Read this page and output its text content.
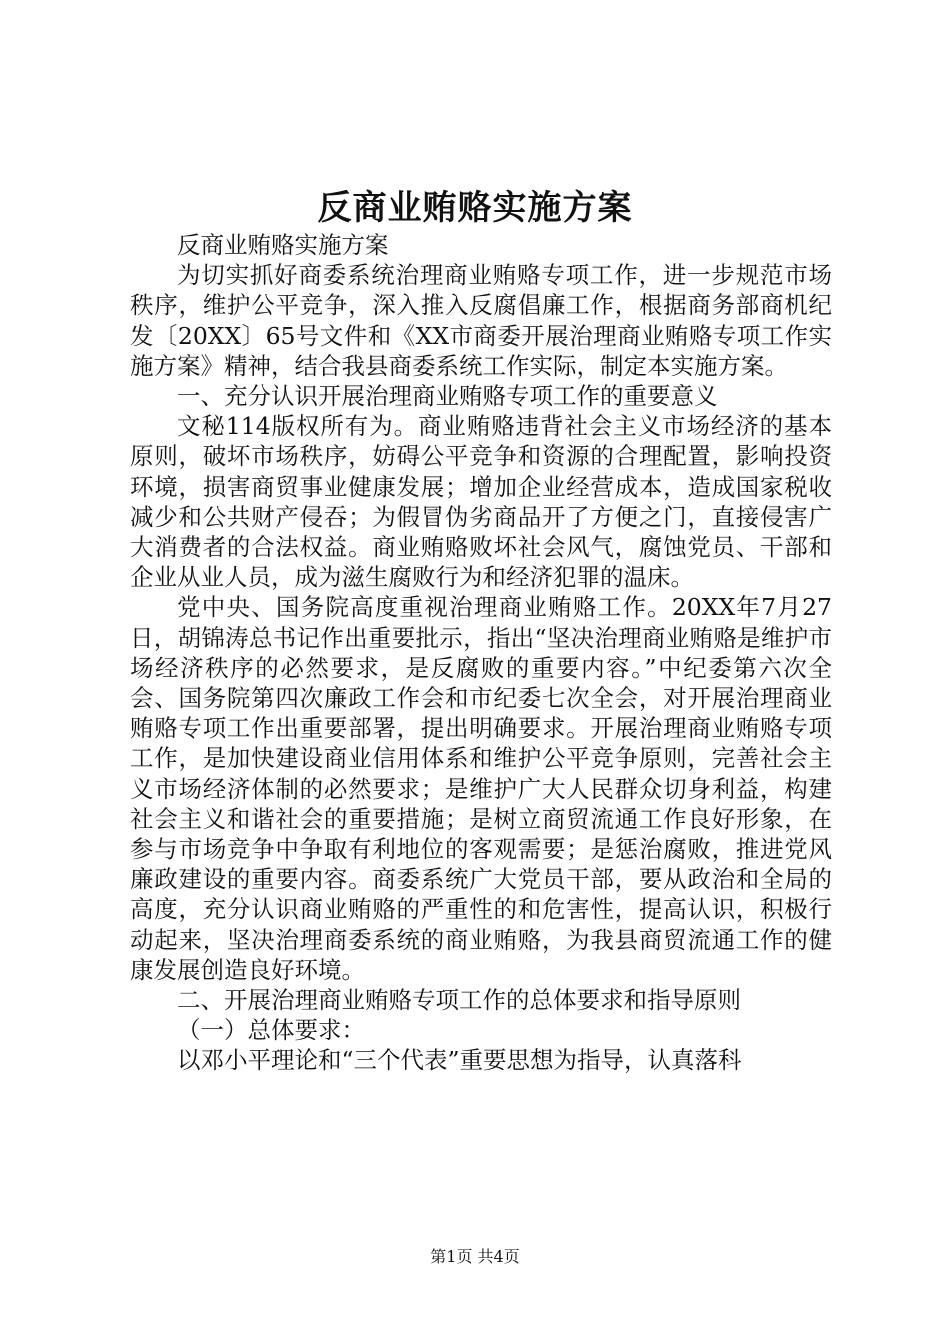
反商业贿赂实施方案

反商业贿赂实施方案

为切实抓好商委系统治理商业贿赂专项工作，进一步规范市场秩序，维护公平竞争，深入推入反腐倡廉工作，根据商务部商机纪发〔20XX〕65号文件和《XX市商委开展治理商业贿赂专项工作实施方案》精神，结合我县商委系统工作实际，制定本实施方案。

一、充分认识开展治理商业贿赂专项工作的重要意义

文秘114版权所有为。商业贿赂违背社会主义市场经济的基本原则，破坏市场秩序，妨碍公平竞争和资源的合理配置，影响投资环境，损害商贸事业健康发展；增加企业经营成本，造成国家税收减少和公共财产侵吞；为假冒伪劣商品开了方便之门，直接侵害广大消费者的合法权益。商业贿赂败坏社会风气，腐蚀党员、干部和企业从业人员，成为滋生腐败行为和经济犯罪的温床。

党中央、国务院高度重视治理商业贿赂工作。20XX年7月27日，胡锦涛总书记作出重要批示，指出“坚决治理商业贿赂是维护市场经济秩序的必然要求，是反腐败的重要内容。”中纪委第六次全会、国务院第四次廉政工作会和市纪委七次全会，对开展治理商业贿赂专项工作出重要部署，提出明确要求。开展治理商业贿赂专项工作，是加快建设商业信用体系和维护公平竞争原则，完善社会主义市场经济体制的必然要求；是维护广大人民群众切身利益，构建社会主义和谐社会的重要措施；是树立商贸流通工作良好形象，在参与市场竞争中争取有利地位的客观需要；是惩治腐败，推进党风廉政建设的重要内容。商委系统广大党员干部，要从政治和全局的高度，充分认识商业贿赂的严重性的和危害性，提高认识，积极行动起来，坚决治理商委系统的商业贿赂，为我县商贸流通工作的健康发展创造良好环境。

二、开展治理商业贿赂专项工作的总体要求和指导原则

（一）总体要求：

以邓小平理论和“三个代表”重要思想为指导，认真落科

第1页 共4页
